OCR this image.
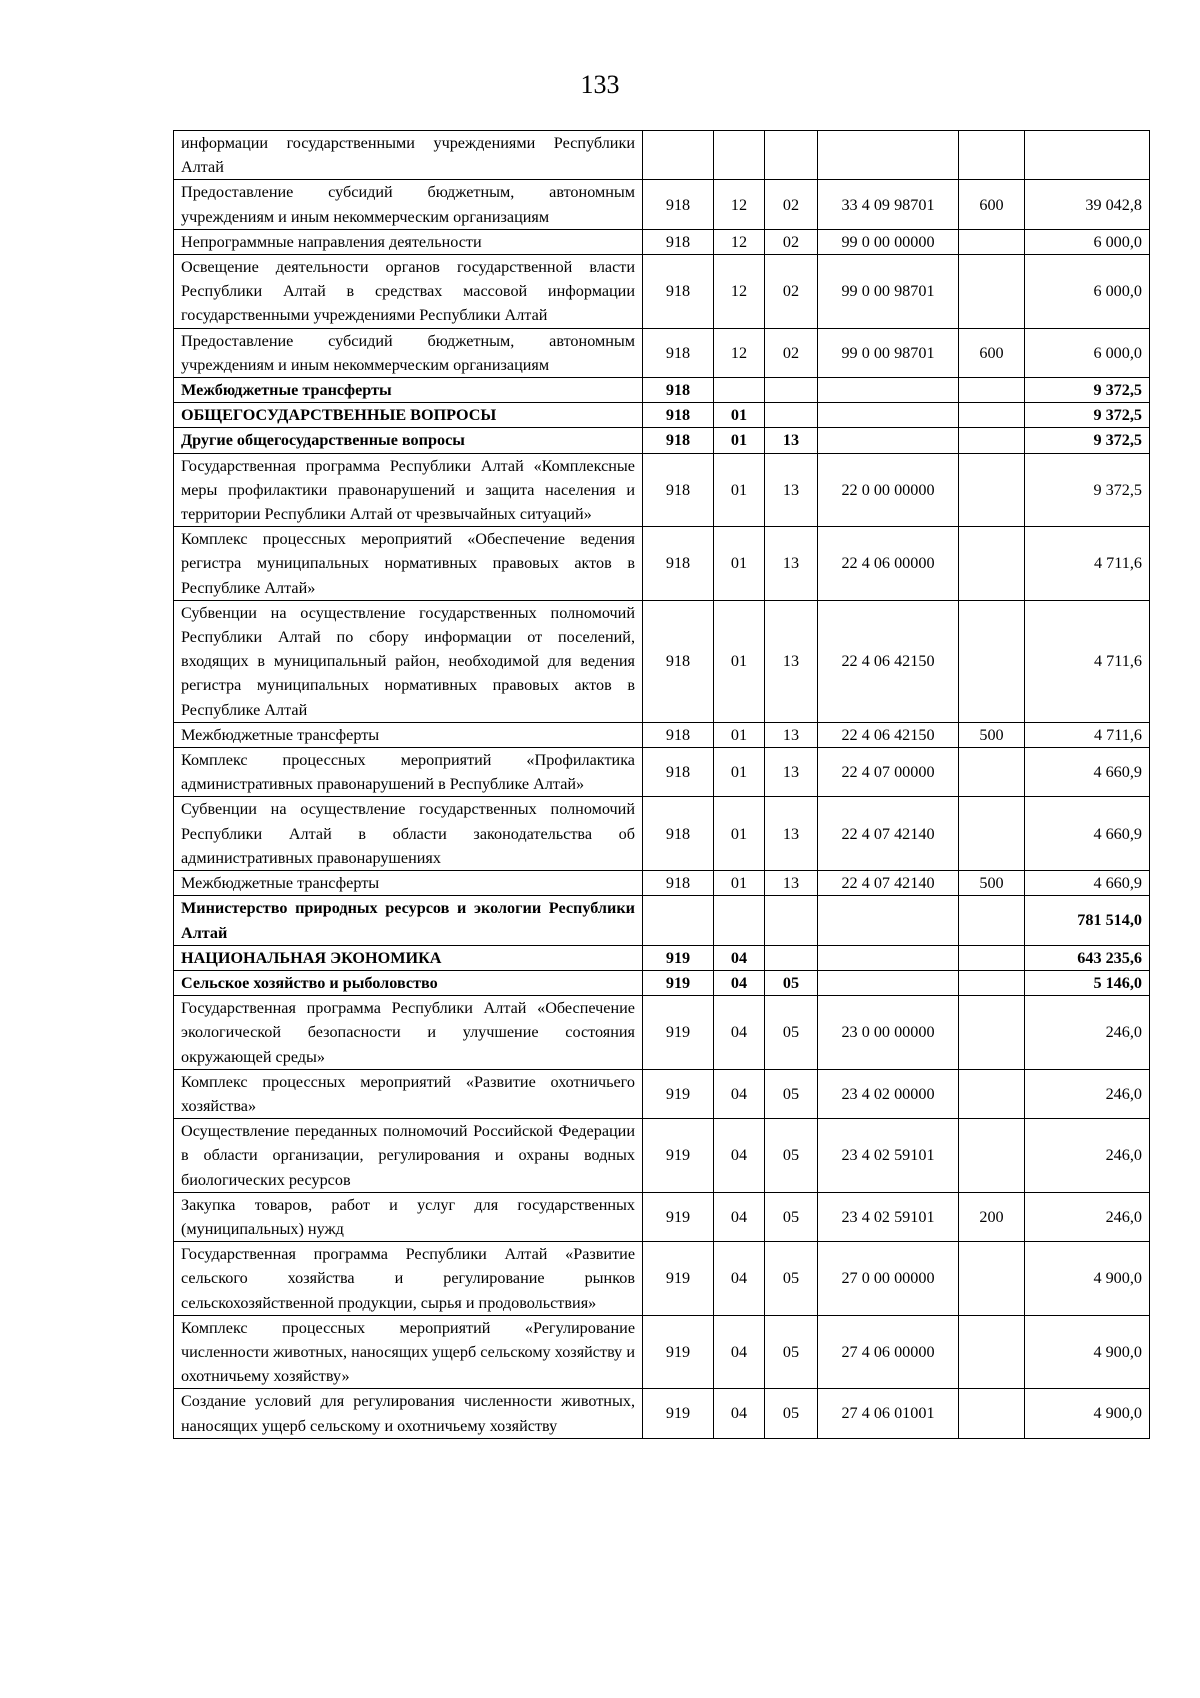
133
информации государственными учреждениями Республики Алтай						
Предоставление субсидий бюджетным, автономным учреждениям и иным некоммерческим организациям	918	12	02	33 4 09 98701	600	39 042,8
Непрограммные направления деятельности	918	12	02	99 0 00 00000		6 000,0
Освещение деятельности органов государственной власти Республики Алтай в средствах массовой информации государственными учреждениями Республики Алтай	918	12	02	99 0 00 98701		6 000,0
Предоставление субсидий бюджетным, автономным учреждениям и иным некоммерческим организациям	918	12	02	99 0 00 98701	600	6 000,0
Межбюджетные трансферты	918					9 372,5
ОБЩЕГОСУДАРСТВЕННЫЕ ВОПРОСЫ	918	01				9 372,5
Другие общегосударственные вопросы	918	01	13			9 372,5
Государственная программа Республики Алтай «Комплексные меры профилактики правонарушений и защита населения и территории Республики Алтай от чрезвычайных ситуаций»	918	01	13	22 0 00 00000		9 372,5
Комплекс процессных мероприятий «Обеспечение ведения регистра муниципальных нормативных правовых актов в Республике Алтай»	918	01	13	22 4 06 00000		4 711,6
Субвенции на осуществление государственных полномочий Республики Алтай по сбору информации от поселений, входящих в муниципальный район, необходимой для ведения регистра муниципальных нормативных правовых актов в Республике Алтай	918	01	13	22 4 06 42150		4 711,6
Межбюджетные трансферты	918	01	13	22 4 06 42150	500	4 711,6
Комплекс процессных мероприятий «Профилактика административных правонарушений в Республике Алтай»	918	01	13	22 4 07 00000		4 660,9
Субвенции на осуществление государственных полномочий Республики Алтай в области законодательства об административных правонарушениях	918	01	13	22 4 07 42140		4 660,9
Межбюджетные трансферты	918	01	13	22 4 07 42140	500	4 660,9
Министерство природных ресурсов и экологии Республики Алтай						781 514,0
НАЦИОНАЛЬНАЯ ЭКОНОМИКА	919	04				643 235,6
Сельское хозяйство и рыболовство	919	04	05			5 146,0
Государственная программа Республики Алтай «Обеспечение экологической безопасности и улучшение состояния окружающей среды»	919	04	05	23 0 00 00000		246,0
Комплекс процессных мероприятий «Развитие охотничьего хозяйства»	919	04	05	23 4 02 00000		246,0
Осуществление переданных полномочий Российской Федерации в области организации, регулирования и охраны водных биологических ресурсов	919	04	05	23 4 02 59101		246,0
Закупка товаров, работ и услуг для государственных (муниципальных) нужд	919	04	05	23 4 02 59101	200	246,0
Государственная программа Республики Алтай «Развитие сельского хозяйства и регулирование рынков сельскохозяйственной продукции, сырья и продовольствия»	919	04	05	27 0 00 00000		4 900,0
Комплекс процессных мероприятий «Регулирование численности животных, наносящих ущерб сельскому хозяйству и охотничьему хозяйству»	919	04	05	27 4 06 00000		4 900,0
Создание условий для регулирования численности животных, наносящих ущерб сельскому и охотничьему хозяйству	919	04	05	27 4 06 01001		4 900,0
